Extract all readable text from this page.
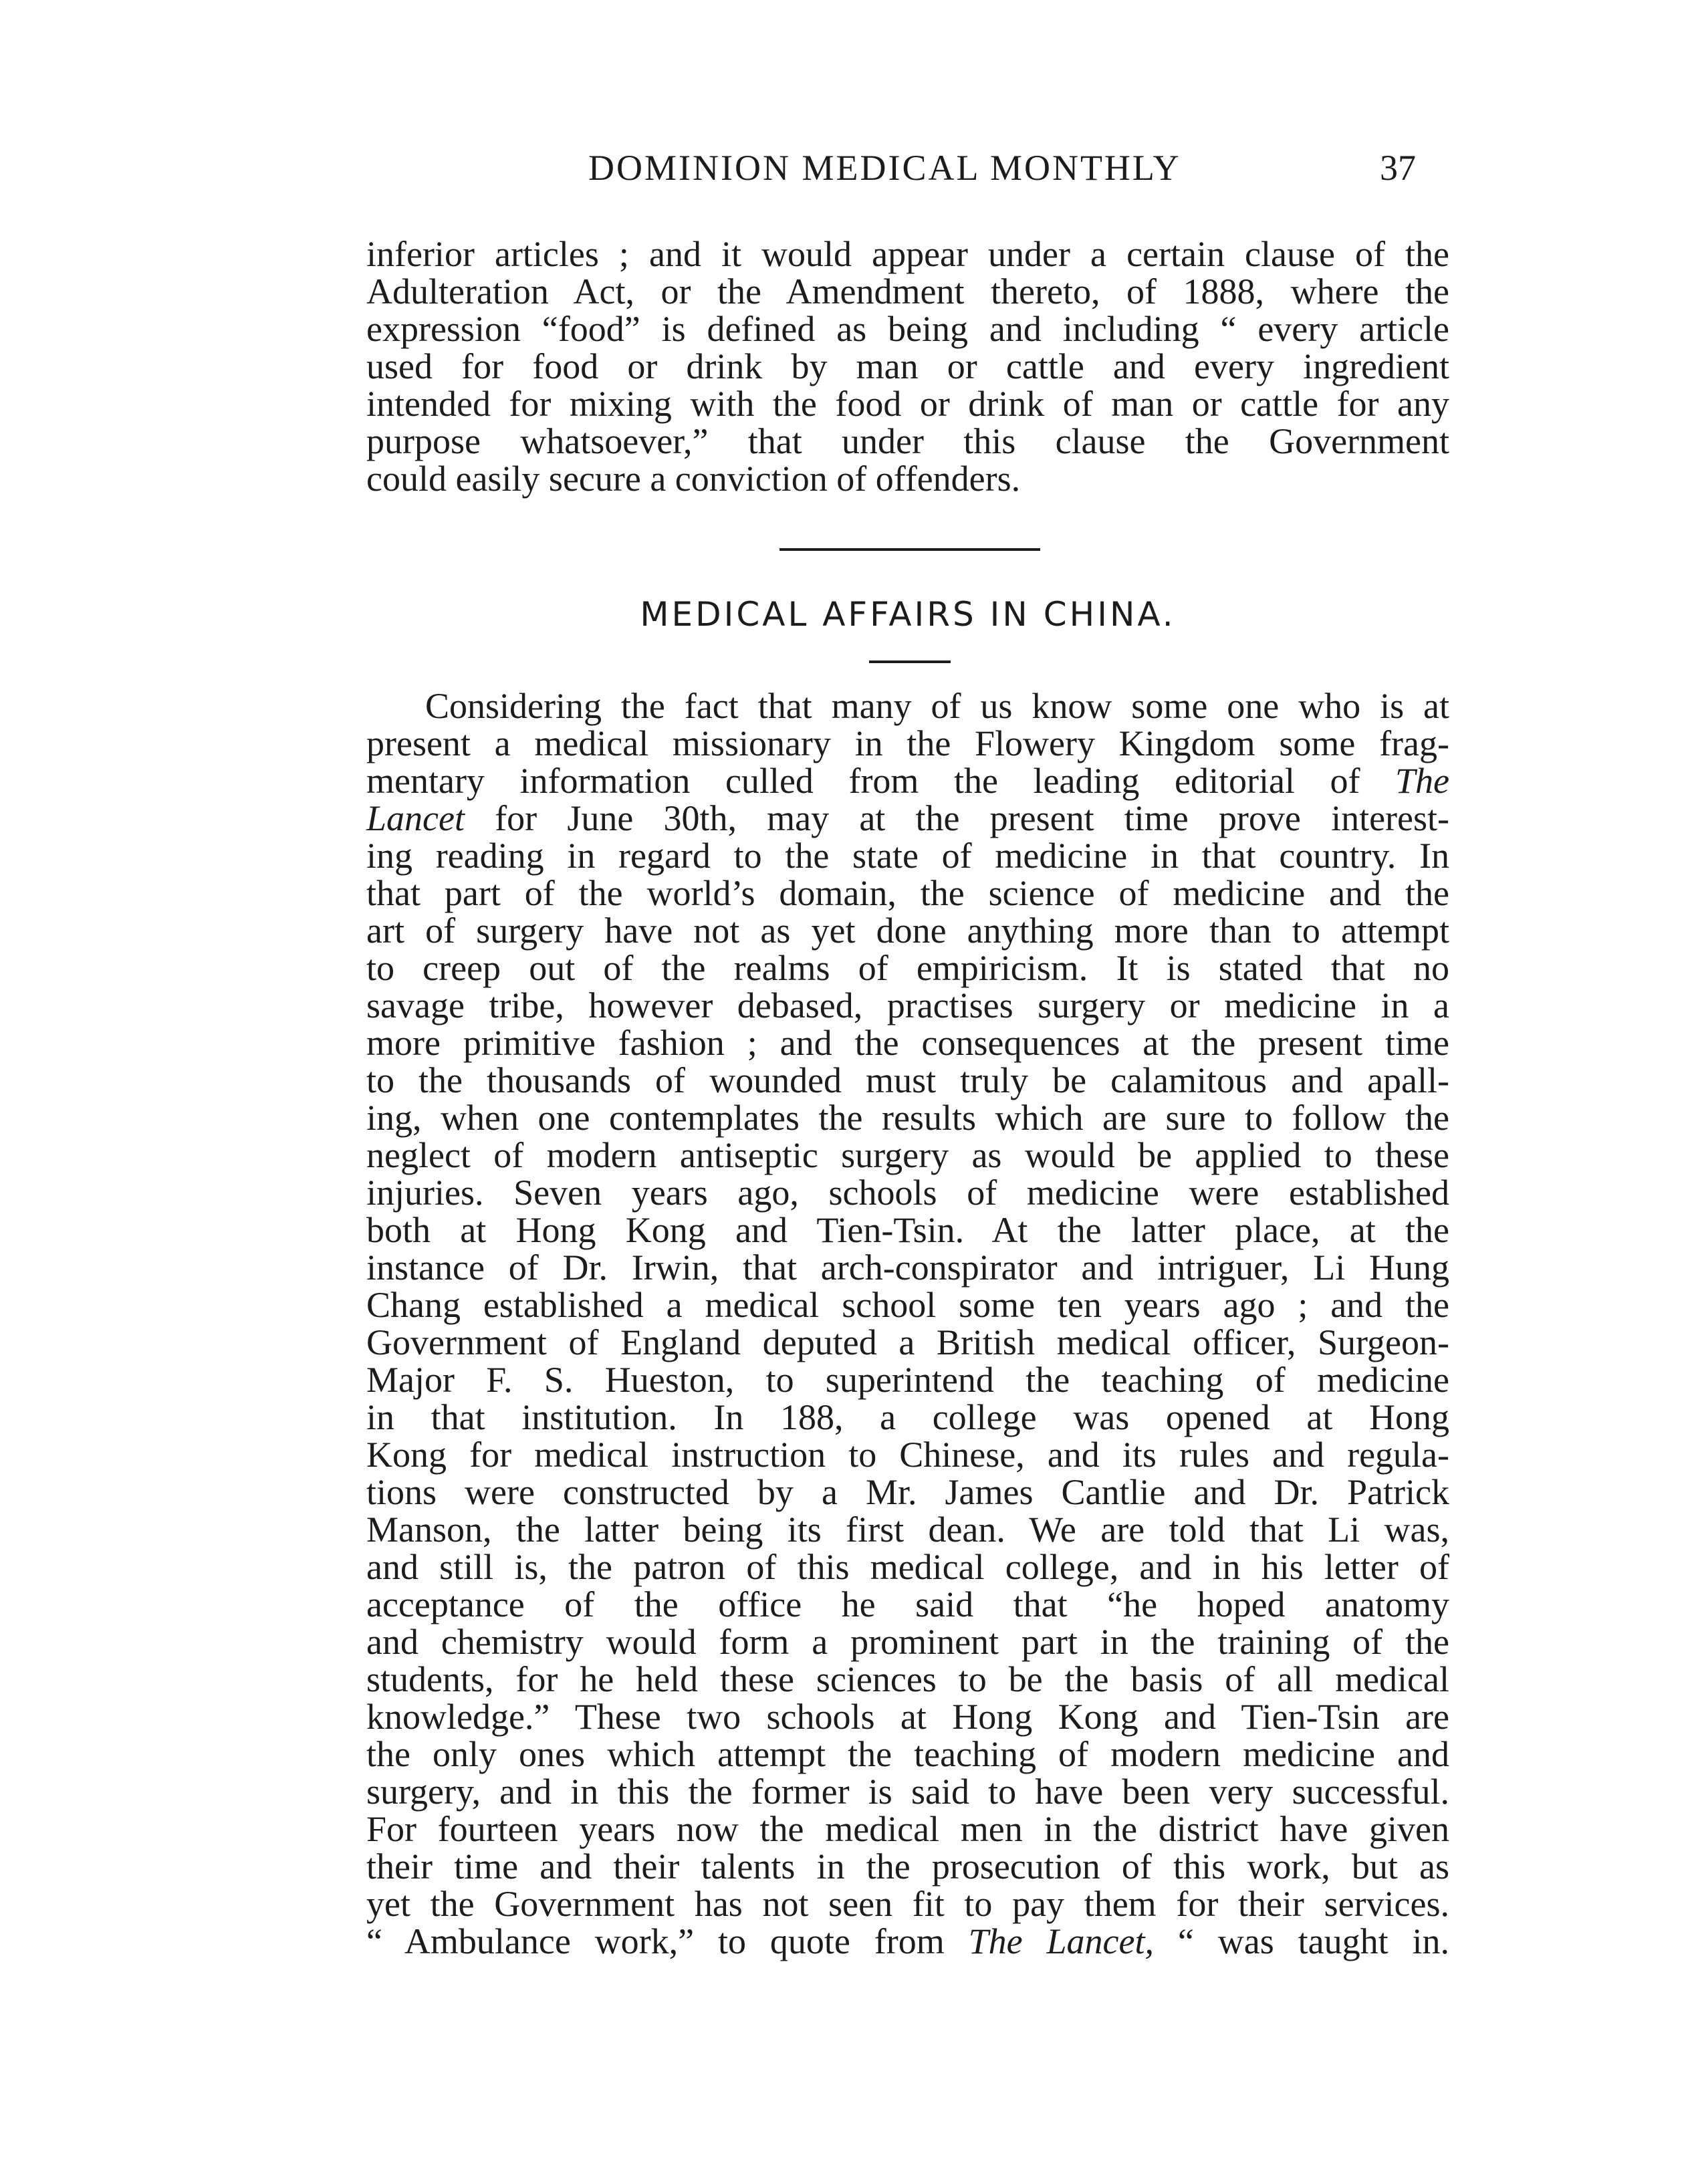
DOMINION MEDICAL MONTHLY	37
inferior articles ; and it would appear under a certain clause of the
Adulteration Act, or the Amendment thereto, of 1888, where the
expression “food” is defined as being and including “ every article
used for food or drink by man or cattle and every ingredient
intended for mixing with the food or drink of man or cattle for any
purpose whatsoever,” that under this clause the Government
could easily secure a conviction of offenders.
MEDICAL AFFAIRS IN CHINA.
Considering the fact that many of us know some one who is at
present a medical missionary in the Flowery Kingdom some frag-
mentary information culled from the leading editorial of The
Lancet for June 30th, may at the present time prove interest-
ing reading in regard to the state of medicine in that country. In
that part of the world’s domain, the science of medicine and the
art of surgery have not as yet done anything more than to attempt
to creep out of the realms of empiricism. It is stated that no
savage tribe, however debased, practises surgery or medicine in a
more primitive fashion ; and the consequences at the present time
to the thousands of wounded must truly be calamitous and apall-
ing, when one contemplates the results which are sure to follow the
neglect of modern antiseptic surgery as would be applied to these
injuries. Seven years ago, schools of medicine were established
both at Hong Kong and Tien-Tsin. At the latter place, at the
instance of Dr. Irwin, that arch-conspirator and intriguer, Li Hung
Chang established a medical school some ten years ago ; and the
Government of England deputed a British medical officer, Surgeon-
Major F. S. Hueston, to superintend the teaching of medicine
in that institution. In 188, a college was opened at Hong
Kong for medical instruction to Chinese, and its rules and regula-
tions were constructed by a Mr. James Cantlie and Dr. Patrick
Manson, the latter being its first dean. We are told that Li was,
and still is, the patron of this medical college, and in his letter of
acceptance of the office he said that “he hoped anatomy
and chemistry would form a prominent part in the training of the
students, for he held these sciences to be the basis of all medical
knowledge.” These two schools at Hong Kong and Tien-Tsin are
the only ones which attempt the teaching of modern medicine and
surgery, and in this the former is said to have been very successful.
For fourteen years now the medical men in the district have given
their time and their talents in the prosecution of this work, but as
yet the Government has not seen fit to pay them for their services.
“ Ambulance work,” to quote from The Lancet, “ was taught in.
